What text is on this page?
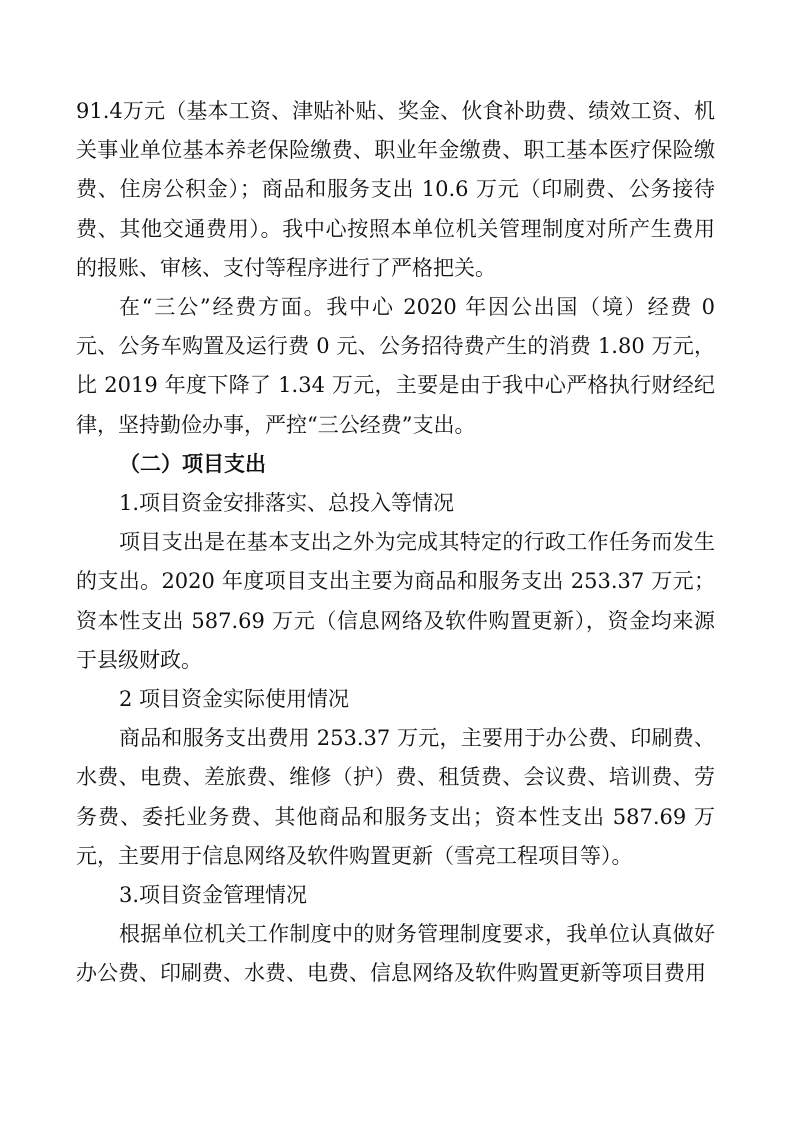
91.4万元（基本工资、津贴补贴、奖金、伙食补助费、绩效工资、机关事业单位基本养老保险缴费、职业年金缴费、职工基本医疗保险缴费、住房公积金）；商品和服务支出 10.6 万元（印刷费、公务接待费、其他交通费用）。我中心按照本单位机关管理制度对所产生费用的报账、审核、支付等程序进行了严格把关。

在“三公”经费方面。我中心 2020 年因公出国（境）经费 0 元、公务车购置及运行费 0 元、公务招待费产生的消费 1.80 万元，比 2019 年度下降了 1.34 万元，主要是由于我中心严格执行财经纪律，坚持勤俭办事，严控“三公经费”支出。

（二）项目支出

1.项目资金安排落实、总投入等情况

项目支出是在基本支出之外为完成其特定的行政工作任务而发生的支出。2020 年度项目支出主要为商品和服务支出 253.37 万元；资本性支出 587.69 万元（信息网络及软件购置更新），资金均来源于县级财政。

2 项目资金实际使用情况

商品和服务支出费用 253.37 万元，主要用于办公费、印刷费、水费、电费、差旅费、维修（护）费、租赁费、会议费、培训费、劳务费、委托业务费、其他商品和服务支出；资本性支出 587.69 万元，主要用于信息网络及软件购置更新（雪亮工程项目等）。

3.项目资金管理情况

根据单位机关工作制度中的财务管理制度要求，我单位认真做好办公费、印刷费、水费、电费、信息网络及软件购置更新等项目费用
